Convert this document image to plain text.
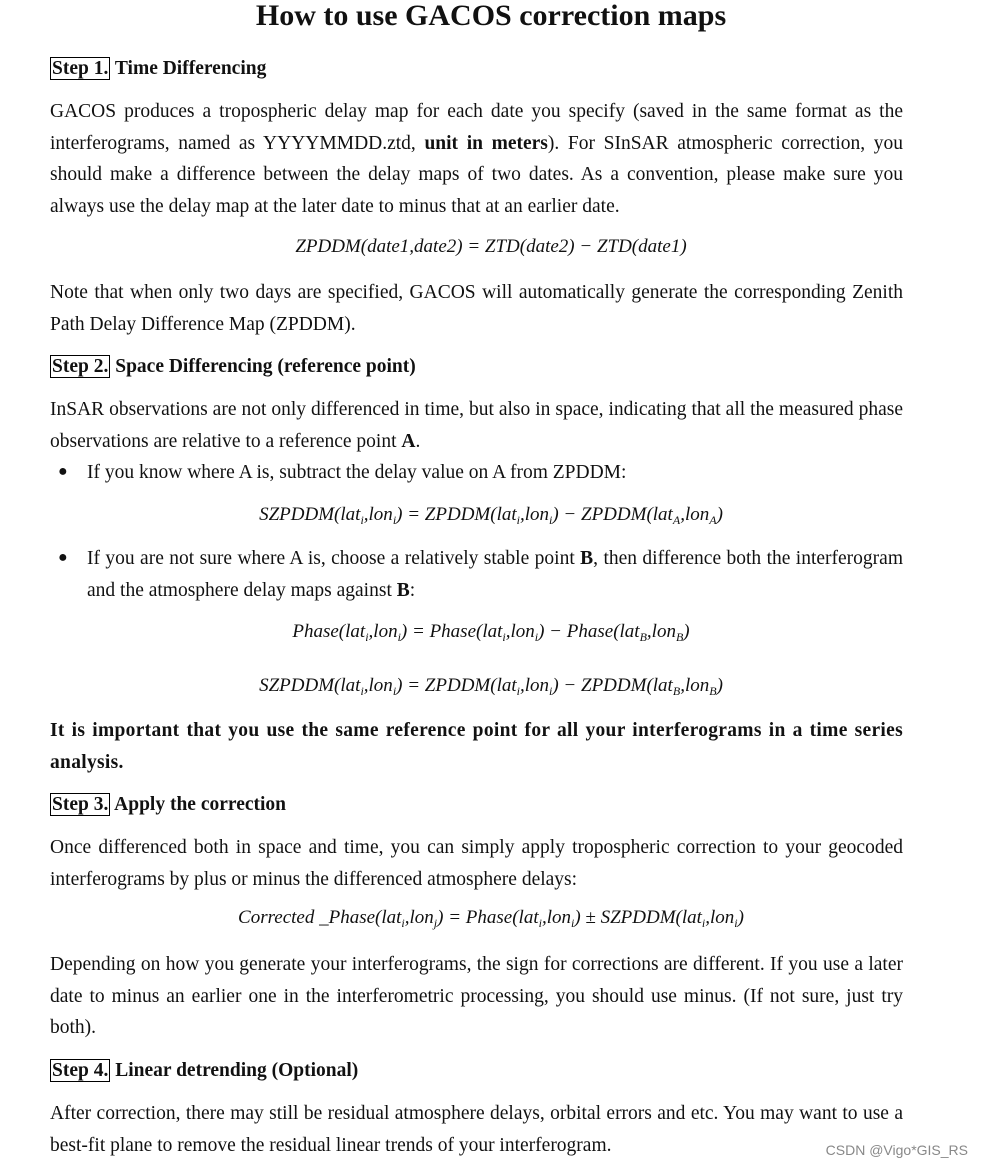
How to use GACOS correction maps
Step 1. Time Differencing
GACOS produces a tropospheric delay map for each date you specify (saved in the same format as the interferograms, named as YYYYMMDD.ztd, unit in meters). For SInSAR atmospheric correction, you should make a difference between the delay maps of two dates. As a convention, please make sure you always use the delay map at the later date to minus that at an earlier date.
ZPDDM(date1,date2) = ZTD(date2) − ZTD(date1)
Note that when only two days are specified, GACOS will automatically generate the corresponding Zenith Path Delay Difference Map (ZPDDM).
Step 2. Space Differencing (reference point)
InSAR observations are not only differenced in time, but also in space, indicating that all the measured phase observations are relative to a reference point A.
● If you know where A is, subtract the delay value on A from ZPDDM:
SZPDDM(lat$_i$,lon$_i$) = ZPDDM(lat$_i$,lon$_i$) − ZPDDM(lat$_A$,lon$_A$)
● If you are not sure where A is, choose a relatively stable point B, then difference both the interferogram and the atmosphere delay maps against B:
Phase(lat$_i$,lon$_i$) = Phase(lat$_i$,lon$_i$) − Phase(lat$_B$,lon$_B$)
SZPDDM(lat$_i$,lon$_i$) = ZPDDM(lat$_i$,lon$_i$) − ZPDDM(lat$_B$,lon$_B$)
It is important that you use the same reference point for all your interferograms in a time series analysis.
Step 3. Apply the correction
Once differenced both in space and time, you can simply apply tropospheric correction to your geocoded interferograms by plus or minus the differenced atmosphere delays:
Corrected _Phase(lat$_i$,lon$_j$) = Phase(lat$_i$,lon$_i$) ± SZPDDM(lat$_i$,lon$_i$)
Depending on how you generate your interferograms, the sign for corrections are different. If you use a later date to minus an earlier one in the interferometric processing, you should use minus. (If not sure, just try both).
Step 4. Linear detrending (Optional)
After correction, there may still be residual atmosphere delays, orbital errors and etc. You may want to use a best-fit plane to remove the residual linear trends of your interferogram.	CSDN @Vigo*GIS_RS
